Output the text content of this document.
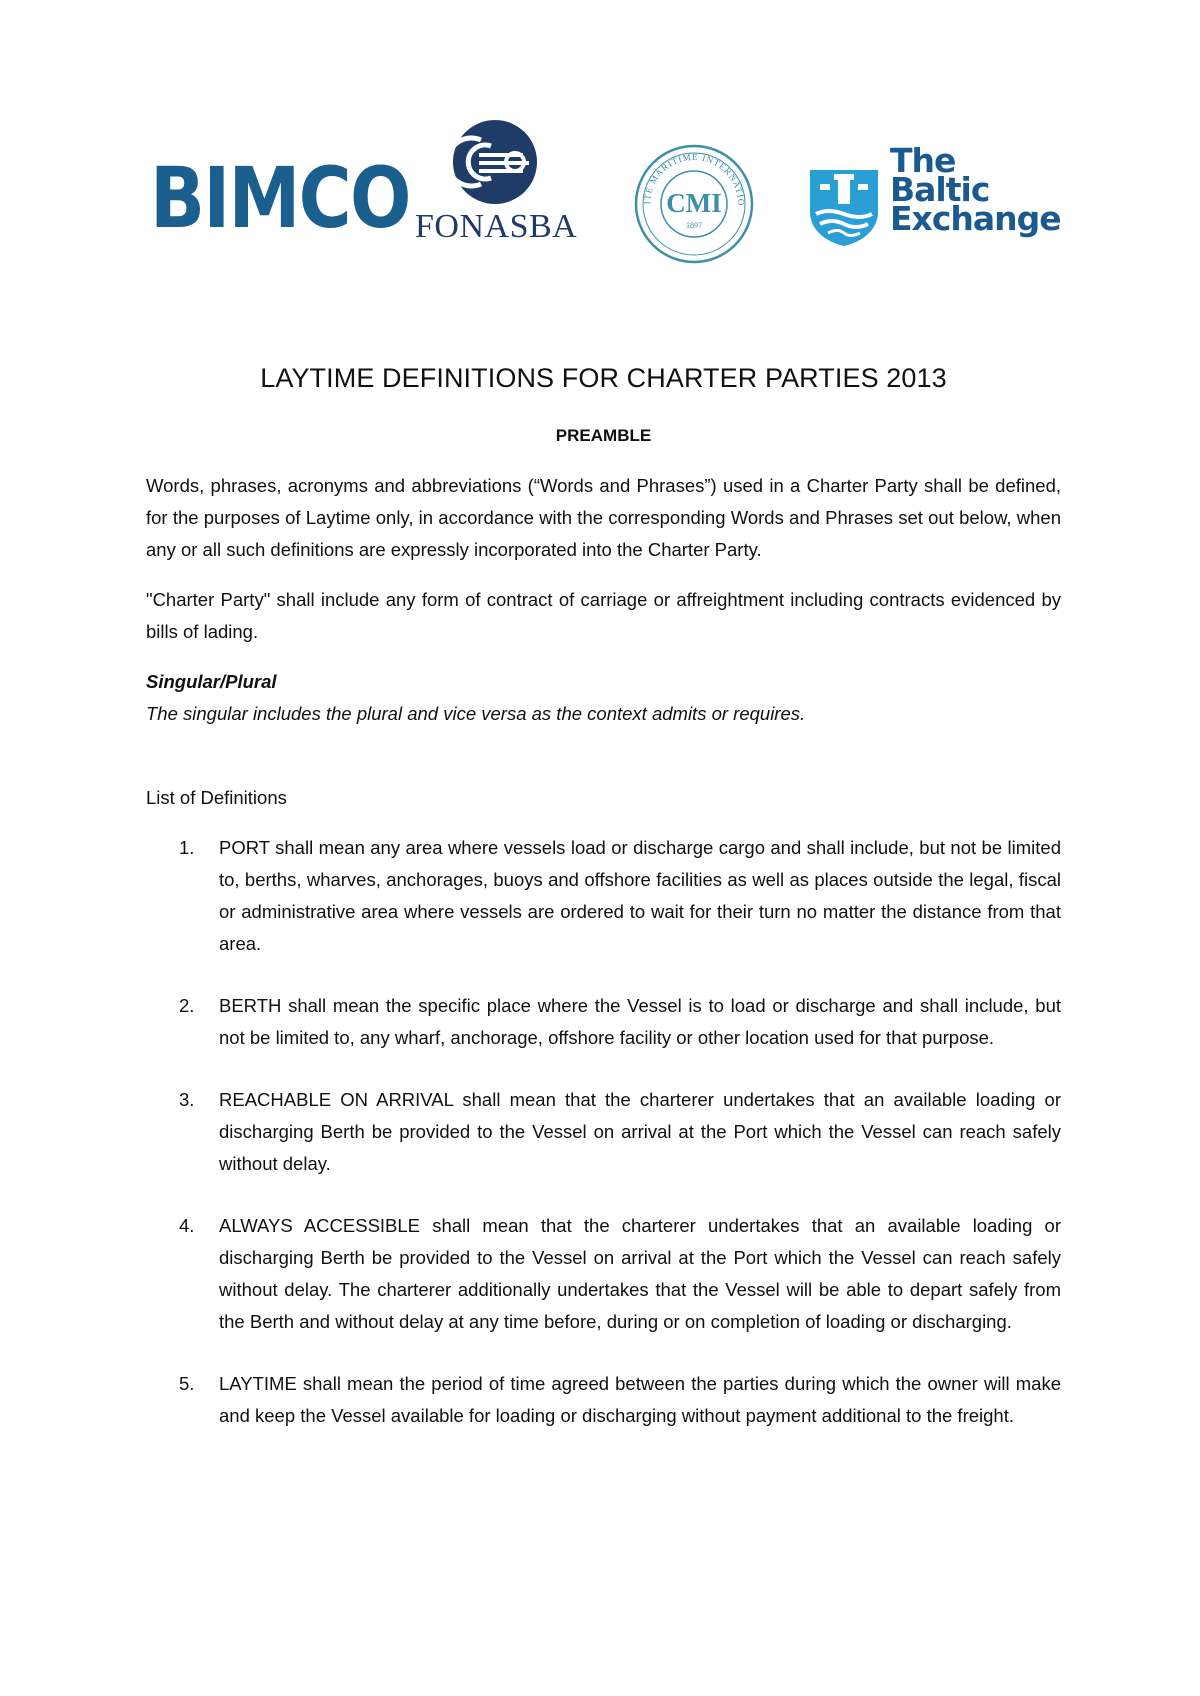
BIMCO FONASBA
ITE MARITIME INTERNATIO
CMI
1897
The
Baltic
Exchange
LAYTIME DEFINITIONS FOR CHARTER PARTIES 2013

PREAMBLE

Words, phrases, acronyms and abbreviations (“Words and Phrases”) used in a Charter Party shall be defined, for the purposes of Laytime only, in accordance with the corresponding Words and Phrases set out below, when any or all such definitions are expressly incorporated into the Charter Party.

"Charter Party" shall include any form of contract of carriage or affreightment including contracts evidenced by bills of lading.

Singular/Plural

The singular includes the plural and vice versa as the context admits or requires.

List of Definitions

1. PORT shall mean any area where vessels load or discharge cargo and shall include, but not be limited to, berths, wharves, anchorages, buoys and offshore facilities as well as places outside the legal, fiscal or administrative area where vessels are ordered to wait for their turn no matter the distance from that area.
2. BERTH shall mean the specific place where the Vessel is to load or discharge and shall include, but not be limited to, any wharf, anchorage, offshore facility or other location used for that purpose.
3. REACHABLE ON ARRIVAL shall mean that the charterer undertakes that an available loading or discharging Berth be provided to the Vessel on arrival at the Port which the Vessel can reach safely without delay.
4. ALWAYS ACCESSIBLE shall mean that the charterer undertakes that an available loading or discharging Berth be provided to the Vessel on arrival at the Port which the Vessel can reach safely without delay. The charterer additionally undertakes that the Vessel will be able to depart safely from the Berth and without delay at any time before, during or on completion of loading or discharging.
5. LAYTIME shall mean the period of time agreed between the parties during which the owner will make and keep the Vessel available for loading or discharging without payment additional to the freight.
